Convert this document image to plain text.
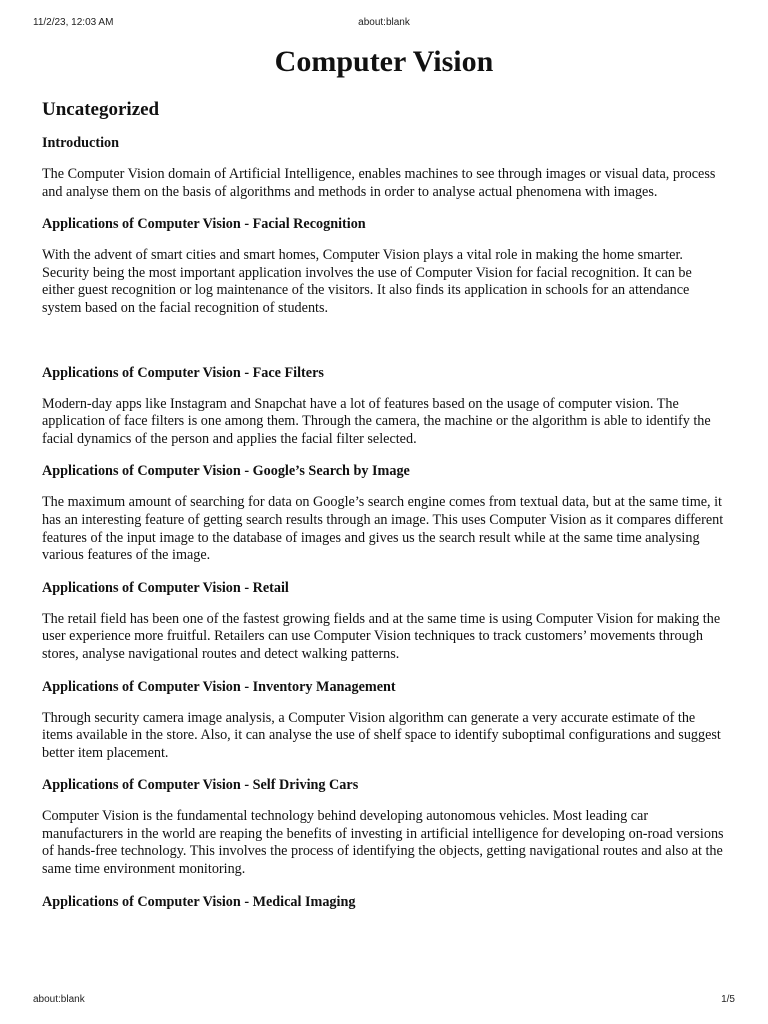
11/2/23, 12:03 AM	about:blank
Computer Vision
Uncategorized
Introduction

The Computer Vision domain of Artificial Intelligence, enables machines to see through images or visual data, process and analyse them on the basis of algorithms and methods in order to analyse actual phenomena with images.

Applications of Computer Vision - Facial Recognition

With the advent of smart cities and smart homes, Computer Vision plays a vital role in making the home smarter. Security being the most important application involves the use of Computer Vision for facial recognition. It can be either guest recognition or log maintenance of the visitors. It also finds its application in schools for an attendance system based on the facial recognition of students.

Applications of Computer Vision - Face Filters

Modern-day apps like Instagram and Snapchat have a lot of features based on the usage of computer vision. The application of face filters is one among them. Through the camera, the machine or the algorithm is able to identify the facial dynamics of the person and applies the facial filter selected.

Applications of Computer Vision - Google’s Search by Image

The maximum amount of searching for data on Google’s search engine comes from textual data, but at the same time, it has an interesting feature of getting search results through an image. This uses Computer Vision as it compares different features of the input image to the database of images and gives us the search result while at the same time analysing various features of the image.

Applications of Computer Vision - Retail

The retail field has been one of the fastest growing fields and at the same time is using Computer Vision for making the user experience more fruitful. Retailers can use Computer Vision techniques to track customers’ movements through stores, analyse navigational routes and detect walking patterns.

Applications of Computer Vision - Inventory Management

Through security camera image analysis, a Computer Vision algorithm can generate a very accurate estimate of the items available in the store. Also, it can analyse the use of shelf space to identify suboptimal configurations and suggest better item placement.

Applications of Computer Vision - Self Driving Cars

Computer Vision is the fundamental technology behind developing autonomous vehicles. Most leading car manufacturers in the world are reaping the benefits of investing in artificial intelligence for developing on-road versions of hands-free technology. This involves the process of identifying the objects, getting navigational routes and also at the same time environment monitoring.

Applications of Computer Vision - Medical Imaging
about:blank	1/5
